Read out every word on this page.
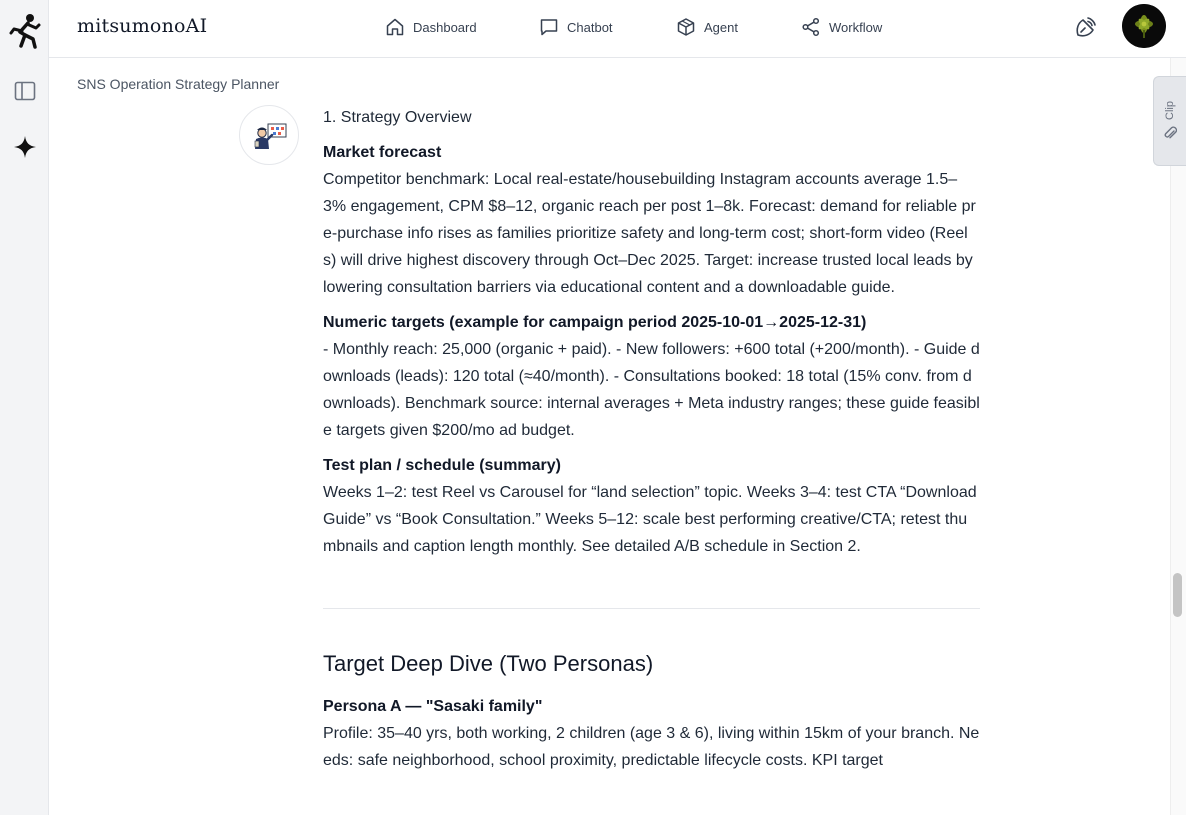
mitsumonoAI	Dashboard	Chatbot	Agent	Workflow
SNS Operation Strategy Planner
1. Strategy Overview

Market forecast

Competitor benchmark: Local real-estate/housebuilding Instagram accounts average 1.5–3% engagement, CPM $8–12, organic reach per post 1–8k. Forecast: demand for reliable pre-purchase info rises as families prioritize safety and long-term cost; short-form video (Reels) will drive highest discovery through Oct–Dec 2025. Target: increase trusted local leads by lowering consultation barriers via educational content and a downloadable guide.

Numeric targets (example for campaign period 2025-10-01→2025-12-31)

- Monthly reach: 25,000 (organic + paid). - New followers: +600 total (+200/month). - Guide downloads (leads): 120 total (≈40/month). - Consultations booked: 18 total (15% conv. from downloads). Benchmark source: internal averages + Meta industry ranges; these guide feasible targets given $200/mo ad budget.

Test plan / schedule (summary)

Weeks 1–2: test Reel vs Carousel for “land selection” topic. Weeks 3–4: test CTA “Download Guide” vs “Book Consultation.” Weeks 5–12: scale best performing creative/CTA; retest thumbnails and caption length monthly. See detailed A/B schedule in Section 2.

Target Deep Dive (Two Personas)

Persona A — "Sasaki family"

Profile: 35–40 yrs, both working, 2 children (age 3 & 6), living within 15km of your branch. Needs: safe neighborhood, school proximity, predictable lifecycle costs. KPI target

Clip
